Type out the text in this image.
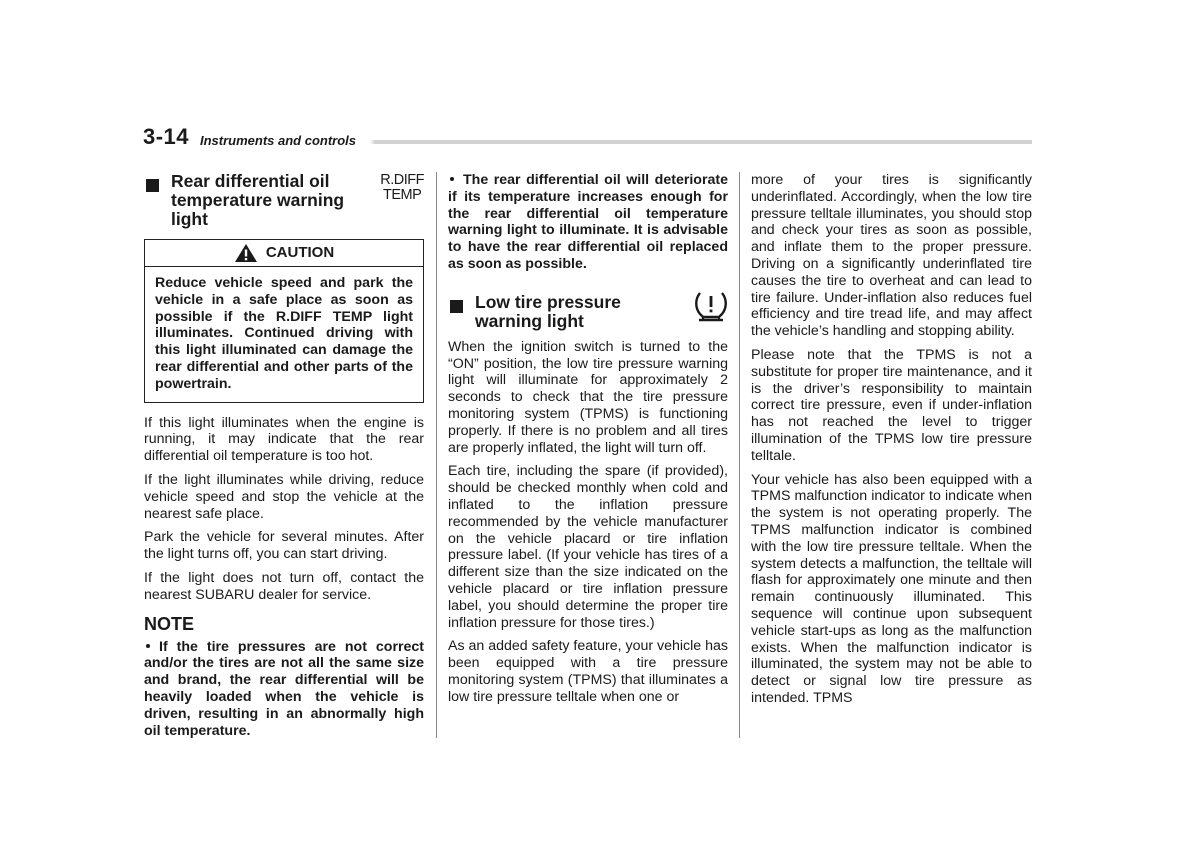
3-14 Instruments and controls
Rear differential oil temperature warning light
R.DIFF
TEMP
CAUTION
Reduce vehicle speed and park the vehicle in a safe place as soon as possible if the R.DIFF TEMP light illuminates. Continued driving with this light illuminated can damage the rear differential and other parts of the powertrain.

If this light illuminates when the engine is running, it may indicate that the rear differential oil temperature is too hot.

If the light illuminates while driving, reduce vehicle speed and stop the vehicle at the nearest safe place.

Park the vehicle for several minutes. After the light turns off, you can start driving.

If the light does not turn off, contact the nearest SUBARU dealer for service.

NOTE

If the tire pressures are not correct and/or the tires are not all the same size and brand, the rear differential will be heavily loaded when the vehicle is driven, resulting in an abnormally high oil temperature.

The rear differential oil will deteriorate if its temperature increases enough for the rear differential oil temperature warning light to illuminate. It is advisable to have the rear differential oil replaced as soon as possible.

Low tire pressure warning light

When the ignition switch is turned to the “ON” position, the low tire pressure warning light will illuminate for approximately 2 seconds to check that the tire pressure monitoring system (TPMS) is functioning properly. If there is no problem and all tires are properly inflated, the light will turn off.

Each tire, including the spare (if provided), should be checked monthly when cold and inflated to the inflation pressure recommended by the vehicle manufacturer on the vehicle placard or tire inflation pressure label. (If your vehicle has tires of a different size than the size indicated on the vehicle placard or tire inflation pressure label, you should determine the proper tire inflation pressure for those tires.)

As an added safety feature, your vehicle has been equipped with a tire pressure monitoring system (TPMS) that illuminates a low tire pressure telltale when one or

more of your tires is significantly underinflated. Accordingly, when the low tire pressure telltale illuminates, you should stop and check your tires as soon as possible, and inflate them to the proper pressure. Driving on a significantly underinflated tire causes the tire to overheat and can lead to tire failure. Under-inflation also reduces fuel efficiency and tire tread life, and may affect the vehicle’s handling and stopping ability.

Please note that the TPMS is not a substitute for proper tire maintenance, and it is the driver’s responsibility to maintain correct tire pressure, even if under-inflation has not reached the level to trigger illumination of the TPMS low tire pressure telltale.

Your vehicle has also been equipped with a TPMS malfunction indicator to indicate when the system is not operating properly. The TPMS malfunction indicator is combined with the low tire pressure telltale. When the system detects a malfunction, the telltale will flash for approximately one minute and then remain continuously illuminated. This sequence will continue upon subsequent vehicle start-ups as long as the malfunction exists. When the malfunction indicator is illuminated, the system may not be able to detect or signal low tire pressure as intended. TPMS
